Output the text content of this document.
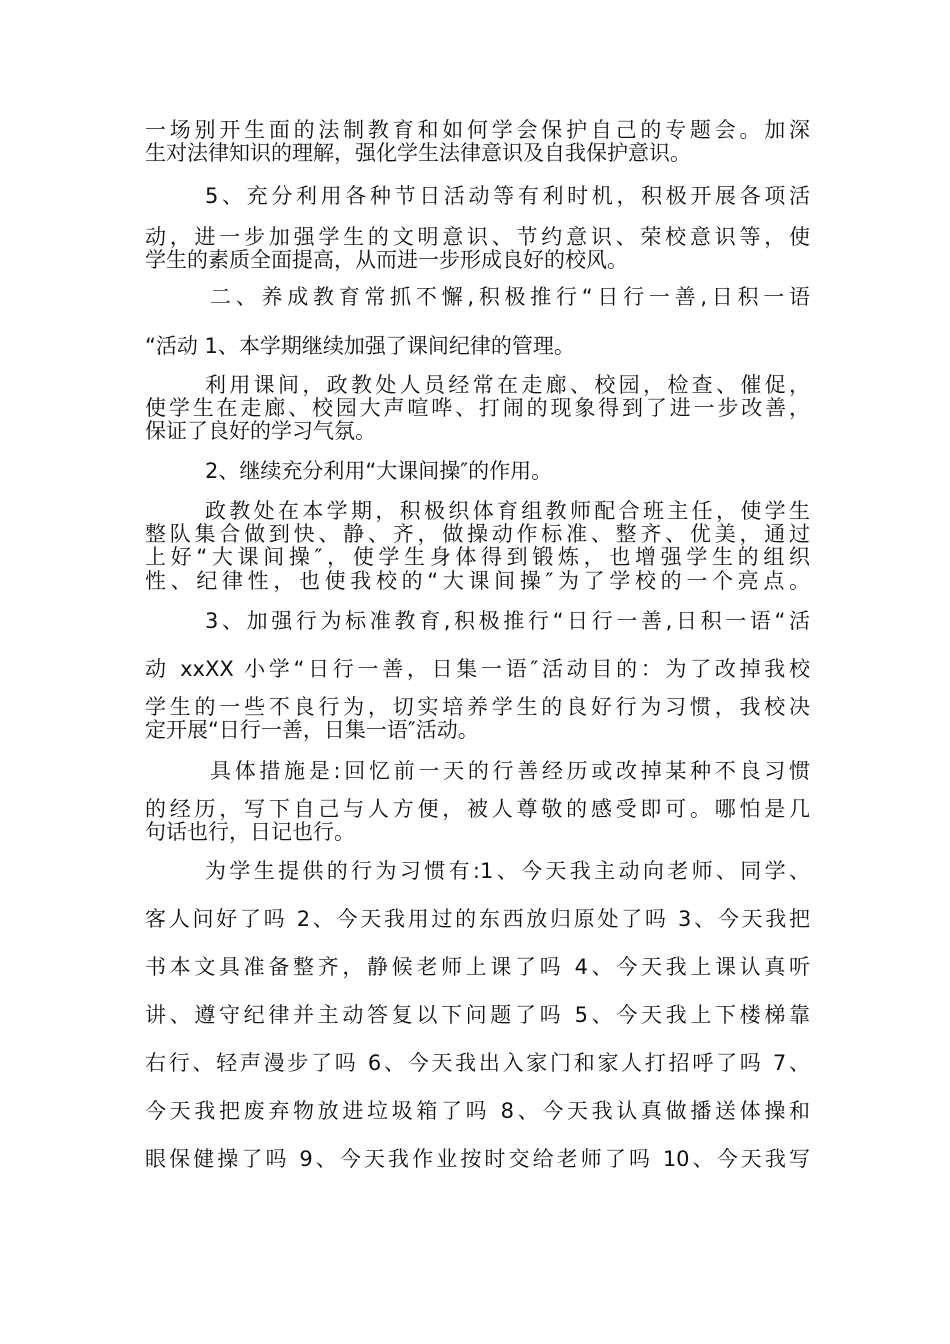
一场别开生面的法制教育和如何学会保护自己的专题会。加深
生对法律知识的理解，强化学生法律意识及自我保护意识。
5、充分利用各种节日活动等有利时机，积极开展各项活
动，进一步加强学生的文明意识、节约意识、荣校意识等，使
学生的素质全面提高，从而进一步形成良好的校风。
二、养成教育常抓不懈,积极推行“日行一善,日积一语
“活动 1、本学期继续加强了课间纪律的管理。
利用课间，政教处人员经常在走廊、校园，检查、催促，
使学生在走廊、校园大声喧哗、打闹的现象得到了进一步改善，
保证了良好的学习气氛。
2、继续充分利用“大课间操″的作用。
政教处在本学期，积极织体育组教师配合班主任，使学生
整队集合做到快、静、齐，做操动作标准、整齐、优美，通过
上好“大课间操″，使学生身体得到锻炼，也增强学生的组织
性、纪律性，也使我校的“大课间操″为了学校的一个亮点。
3、加强行为标准教育,积极推行“日行一善,日积一语“活
动 xxXX 小学“日行一善，日集一语″活动目的：为了改掉我校
学生的一些不良行为，切实培养学生的良好行为习惯，我校决
定开展“日行一善，日集一语″活动。
具体措施是:回忆前一天的行善经历或改掉某种不良习惯
的经历，写下自己与人方便，被人尊敬的感受即可。哪怕是几
句话也行，日记也行。
为学生提供的行为习惯有:1、今天我主动向老师、同学、
客人问好了吗 2、今天我用过的东西放归原处了吗 3、今天我把
书本文具准备整齐，静候老师上课了吗 4、今天我上课认真听
讲、遵守纪律并主动答复以下问题了吗 5、今天我上下楼梯靠
右行、轻声漫步了吗 6、今天我出入家门和家人打招呼了吗 7、
今天我把废弃物放进垃圾箱了吗 8、今天我认真做播送体操和
眼保健操了吗 9、今天我作业按时交给老师了吗 10、今天我写
